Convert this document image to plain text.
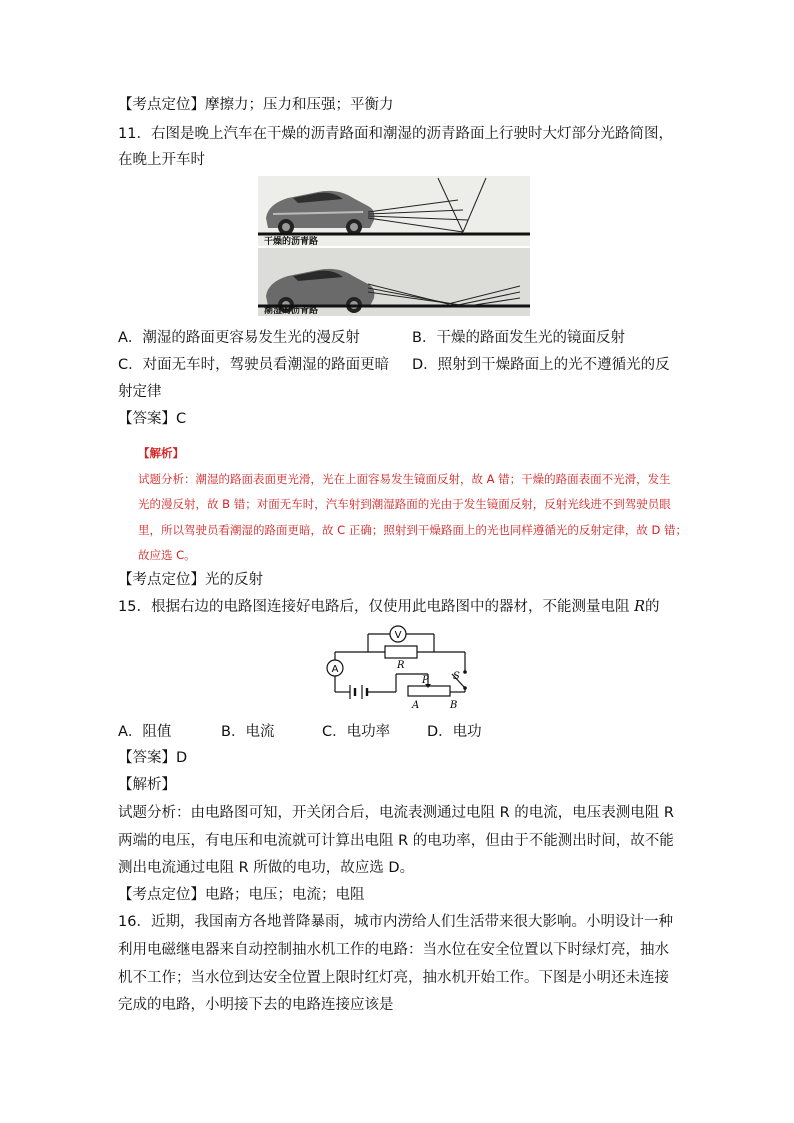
【考点定位】摩擦力；压力和压强；平衡力
11．右图是晚上汽车在干燥的沥青路面和潮湿的沥青路面上行驶时大灯部分光路简图，
在晚上开车时
干燥的沥青路
潮湿的沥青路
A．潮湿的路面更容易发生光的漫反射	B．干燥的路面发生光的镜面反射
C．对面无车时，驾驶员看潮湿的路面更暗 D．照射到干燥路面上的光不遵循光的反
射定律
【答案】C
【解析】
试题分析：潮湿的路面表面更光滑，光在上面容易发生镜面反射，故 A 错；干燥的路面表面不光滑，发生
光的漫反射，故 B 错；对面无车时，汽车射到潮湿路面的光由于发生镜面反射，反射光线进不到驾驶员眼
里，所以驾驶员看潮湿的路面更暗，故 C 正确；照射到干燥路面上的光也同样遵循光的反射定律，故 D 错；
故应选 C。
【考点定位】光的反射
15．根据右边的电路图连接好电路后，仅使用此电路图中的器材，不能测量电阻 R的
V
A	R
P S
A	B
A．阻值	B．电流	C．电功率	D．电功
【答案】D
【解析】
试题分析：由电路图可知，开关闭合后，电流表测通过电阻 R 的电流，电压表测电阻 R
两端的电压，有电压和电流就可计算出电阻 R 的电功率，但由于不能测出时间，故不能
测出电流通过电阻 R 所做的电功，故应选 D。
【考点定位】电路；电压；电流；电阻
16．近期，我国南方各地普降暴雨，城市内涝给人们生活带来很大影响。小明设计一种
利用电磁继电器来自动控制抽水机工作的电路：当水位在安全位置以下时绿灯亮，抽水
机不工作；当水位到达安全位置上限时红灯亮，抽水机开始工作。下图是小明还未连接
完成的电路，小明接下去的电路连接应该是
